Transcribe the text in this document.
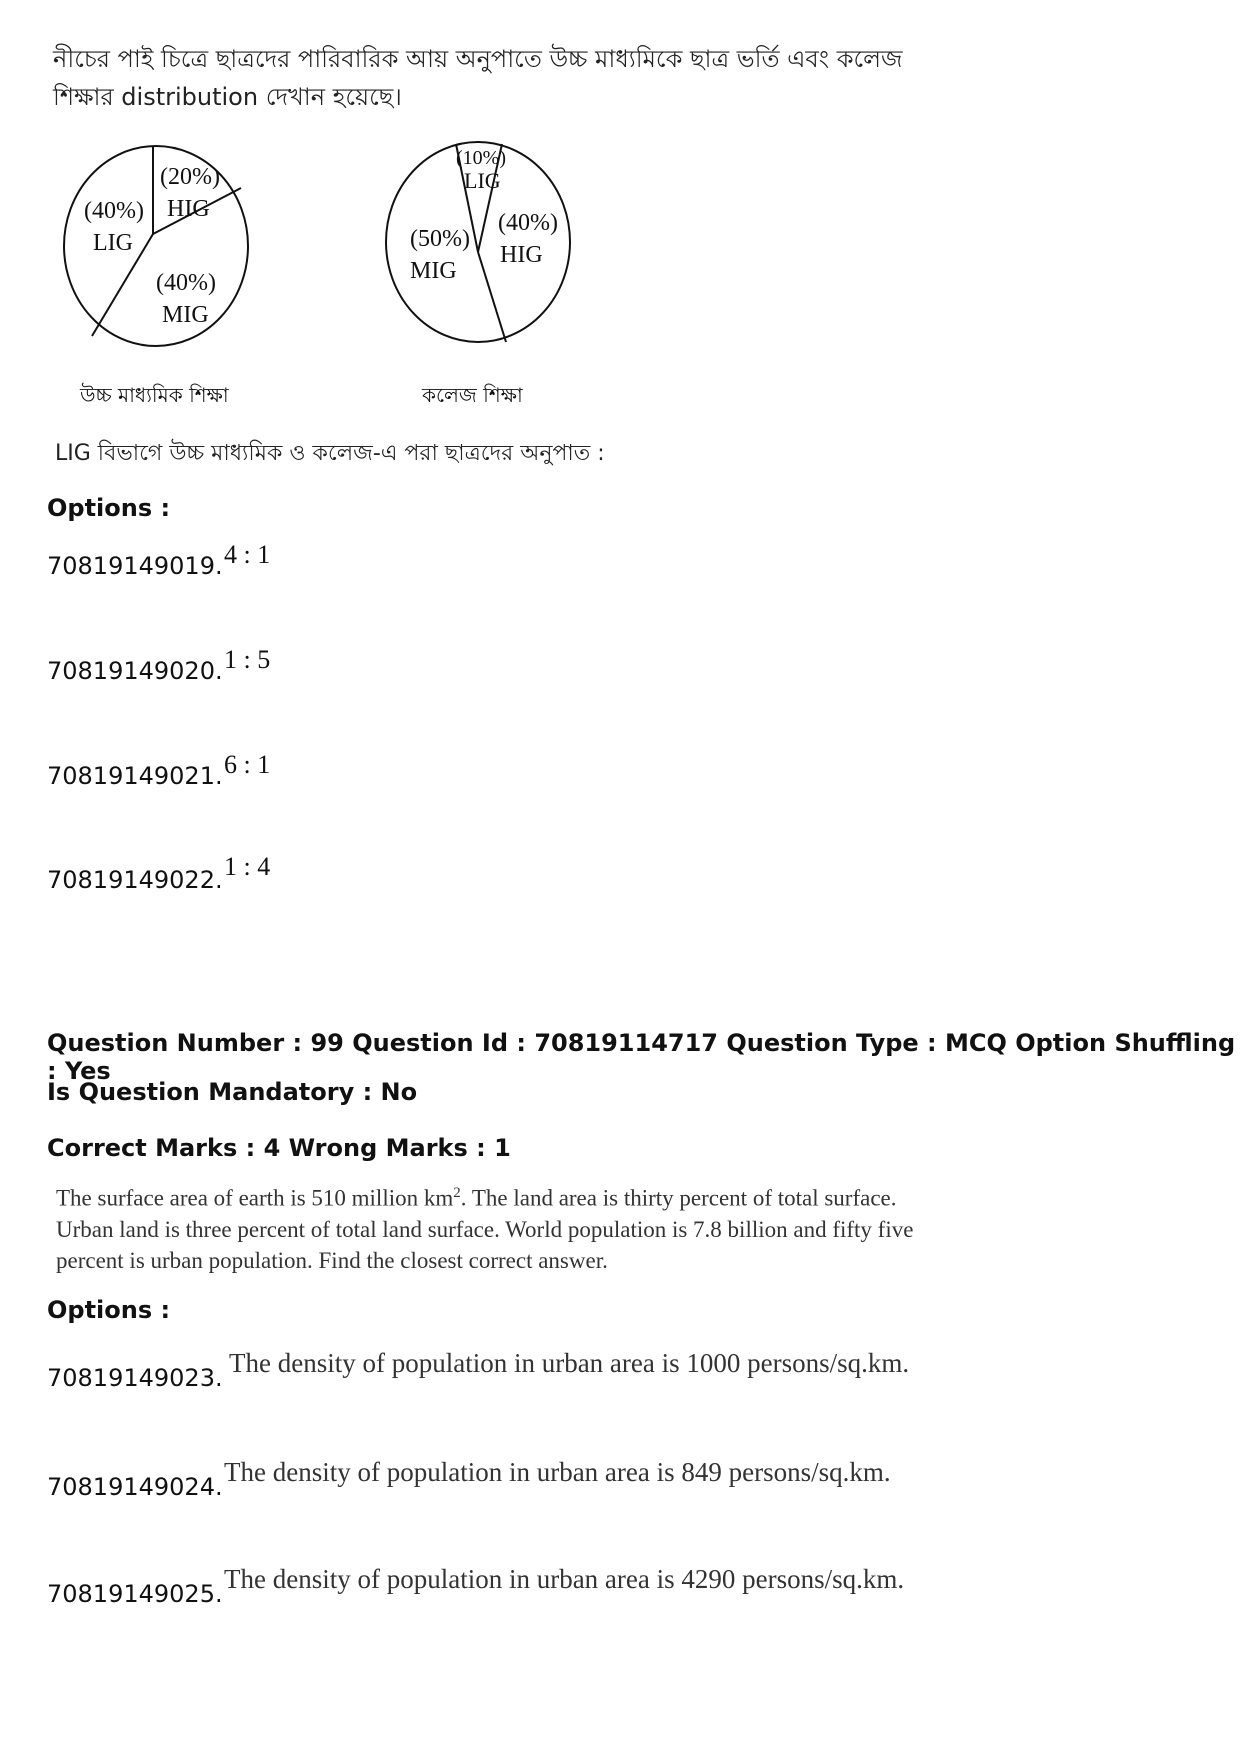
নীচের পাই চিত্রে ছাত্রদের পারিবারিক আয় অনুপাতে উচ্চ মাধ্যমিকে ছাত্র ভর্তি এবং কলেজ শিক্ষার distribution দেখান হয়েছে।
(40%)
LIG
(20%)
HIG
(40%)
MIG
উচ্চ মাধ্যমিক শিক্ষা
(10%)
LIG
(40%)
HIG
(50%)
MIG
কলেজ শিক্ষা
LIG বিভাগে উচ্চ মাধ্যমিক ও কলেজ-এ পরা ছাত্রদের অনুপাত :
Options :
70819149019. 4 : 1
70819149020. 1 : 5
70819149021. 6 : 1
70819149022. 1 : 4
Question Number : 99 Question Id : 70819114717 Question Type : MCQ Option Shuffling : Yes
Is Question Mandatory : No
Correct Marks : 4 Wrong Marks : 1
The surface area of earth is 510 million $km^2$. The land area is thirty percent of total surface.
Urban land is three percent of total land surface. World population is 7.8 billion and fifty five
percent is urban population. Find the closest correct answer.
Options :
70819149023. The density of population in urban area is 1000 persons/sq.km.
70819149024. The density of population in urban area is 849 persons/sq.km.
70819149025. The density of population in urban area is 4290 persons/sq.km.
